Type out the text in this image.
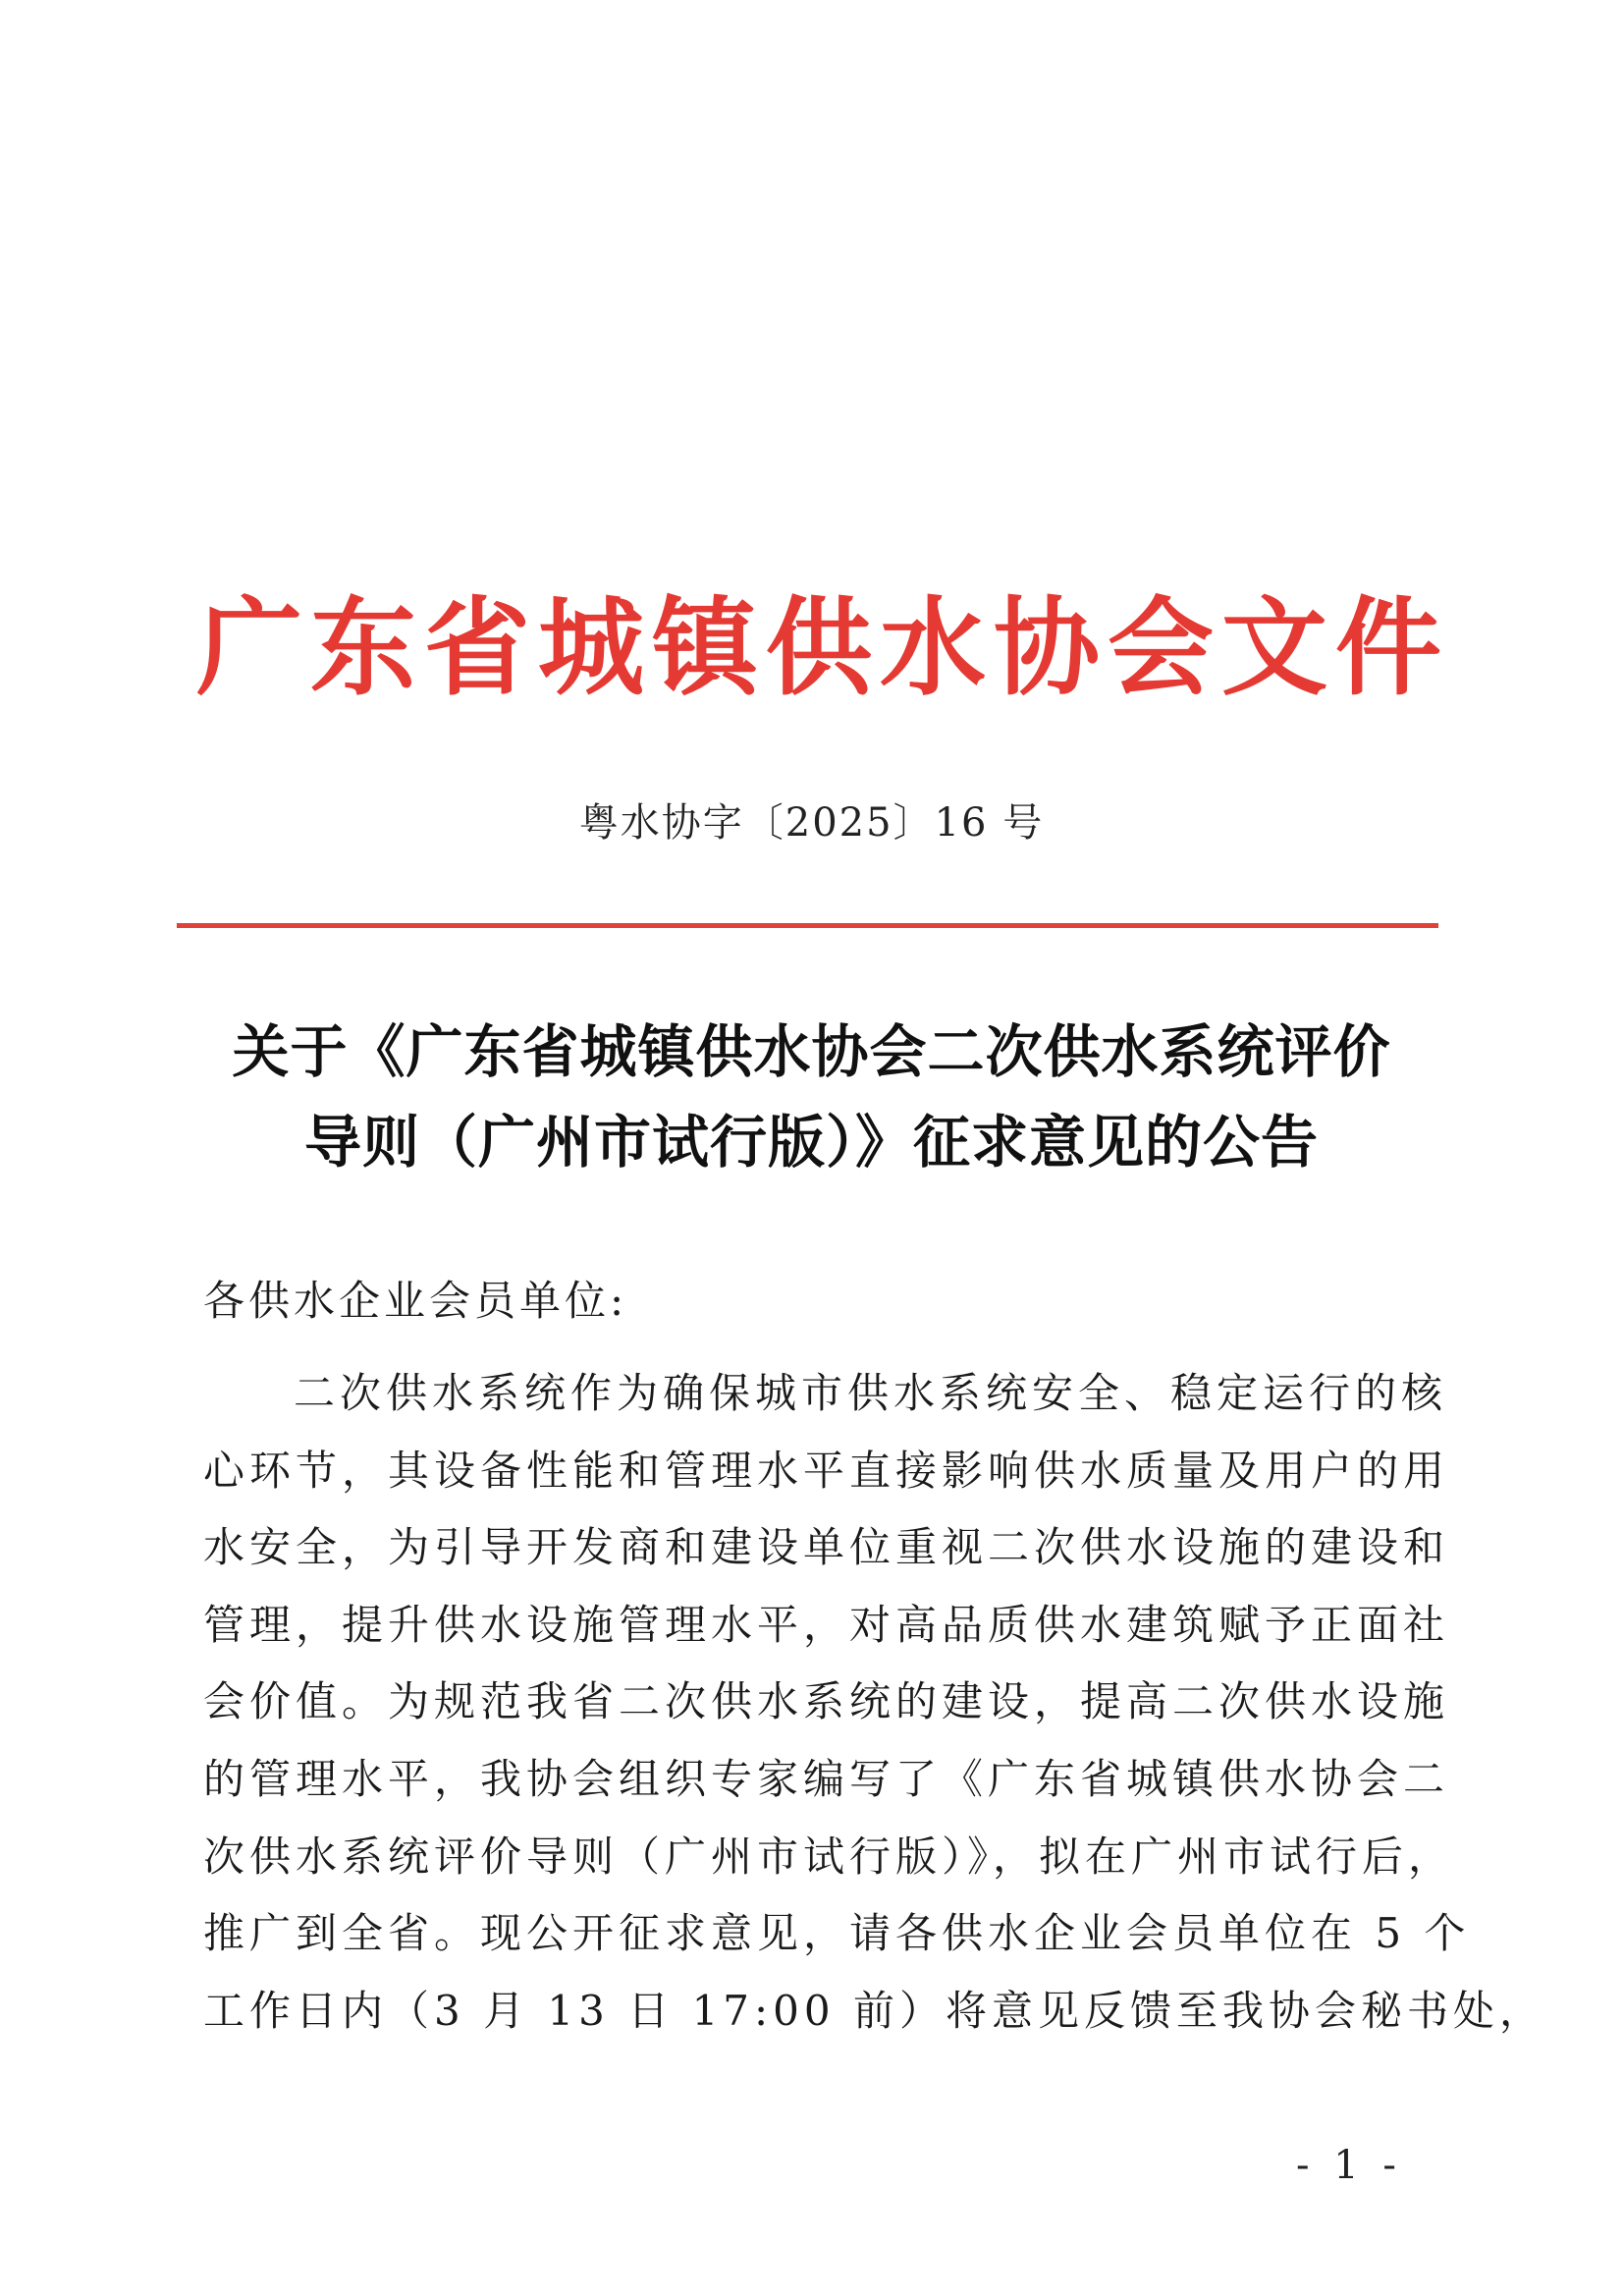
广东省城镇供水协会文件
粤水协字〔2025〕16 号
关于《广东省城镇供水协会二次供水系统评价
导则（广州市试行版）》征求意见的公告
各供水企业会员单位:
二次供水系统作为确保城市供水系统安全、稳定运行的核
心环节，其设备性能和管理水平直接影响供水质量及用户的用
水安全，为引导开发商和建设单位重视二次供水设施的建设和
管理，提升供水设施管理水平，对高品质供水建筑赋予正面社
会价值。为规范我省二次供水系统的建设，提高二次供水设施
的管理水平，我协会组织专家编写了《广东省城镇供水协会二
次供水系统评价导则（广州市试行版）》，拟在广州市试行后，
推广到全省。现公开征求意见，请各供水企业会员单位在 5 个
工作日内（3 月 13 日 17:00 前）将意见反馈至我协会秘书处，
- 1 -
